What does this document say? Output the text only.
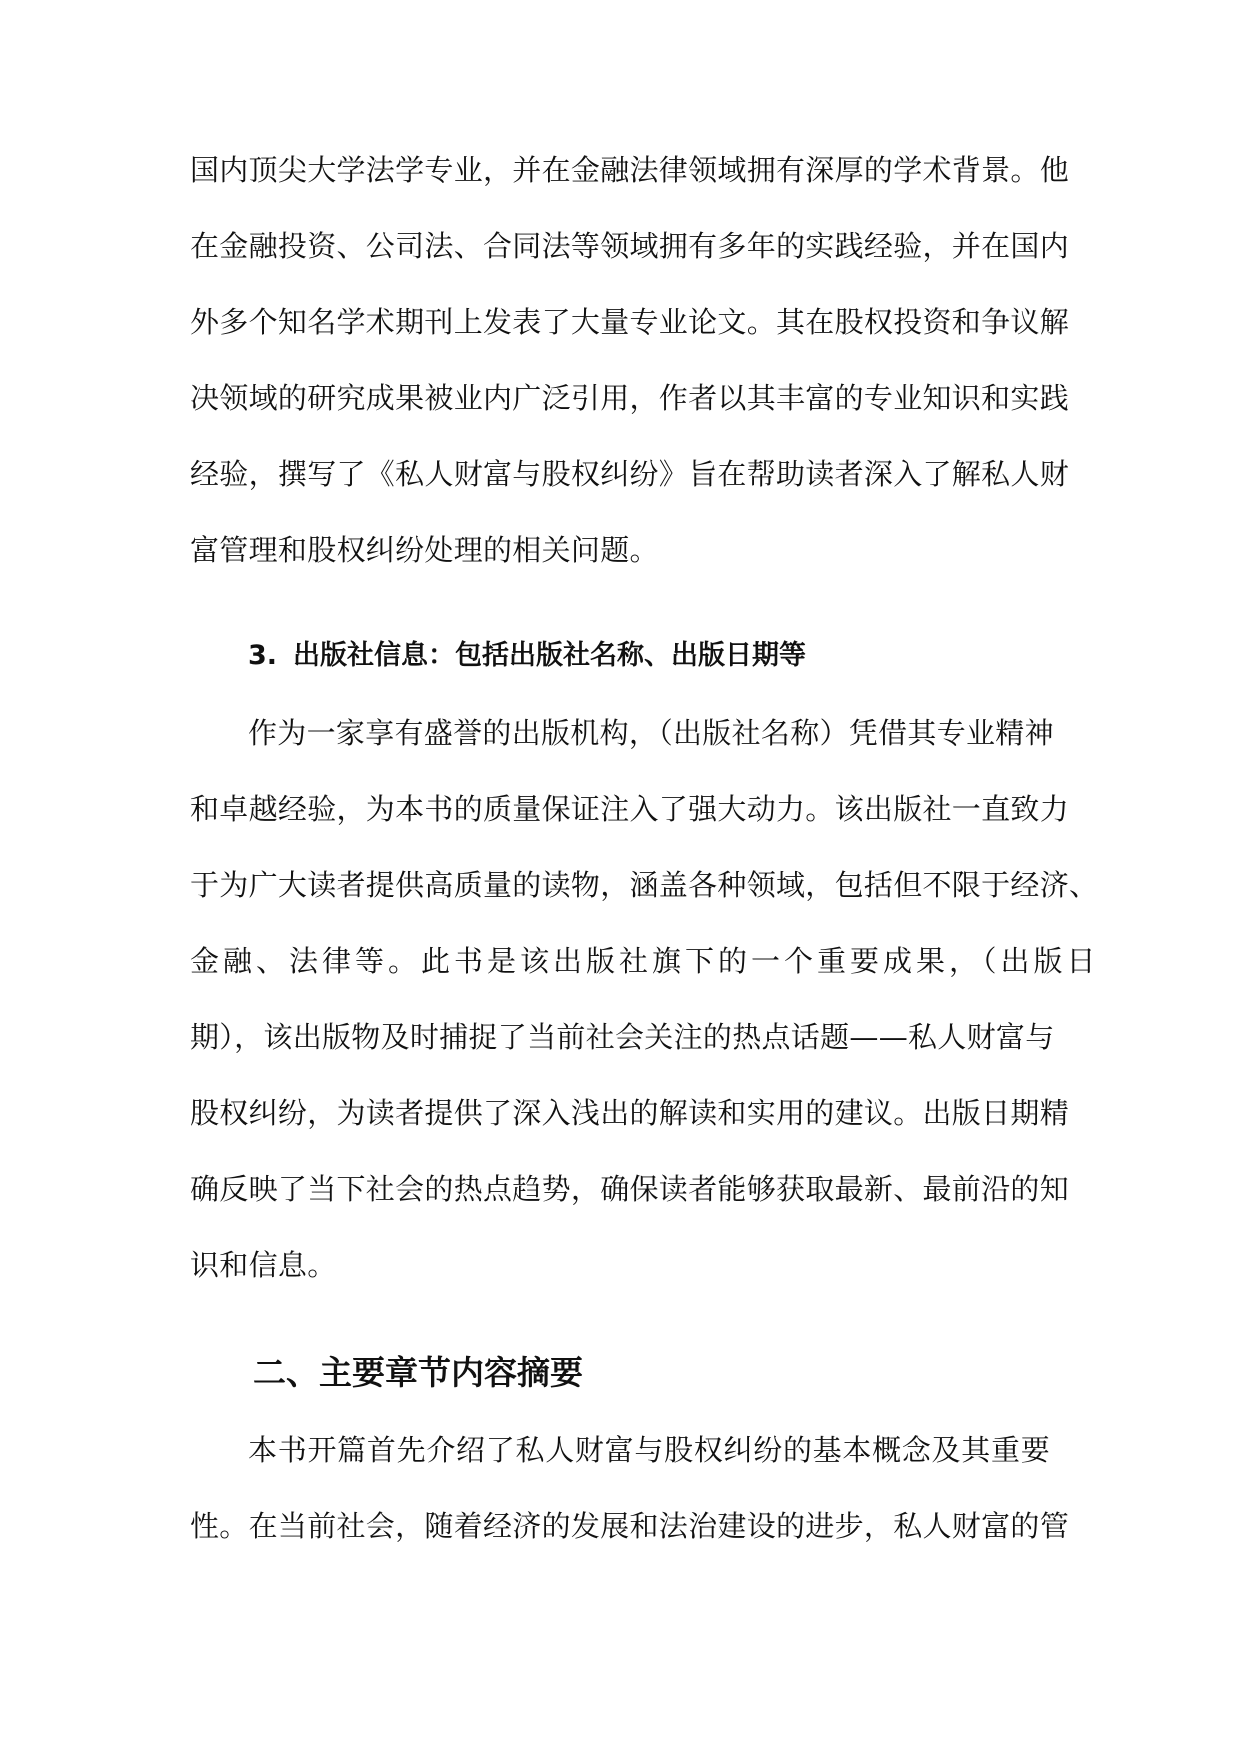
国内顶尖大学法学专业，并在金融法律领域拥有深厚的学术背景。他
在金融投资、公司法、合同法等领域拥有多年的实践经验，并在国内
外多个知名学术期刊上发表了大量专业论文。其在股权投资和争议解
决领域的研究成果被业内广泛引用，作者以其丰富的专业知识和实践
经验，撰写了《私人财富与股权纠纷》旨在帮助读者深入了解私人财
富管理和股权纠纷处理的相关问题。
3. 出版社信息：包括出版社名称、出版日期等
作为一家享有盛誉的出版机构，（出版社名称）凭借其专业精神
和卓越经验，为本书的质量保证注入了强大动力。该出版社一直致力
于为广大读者提供高质量的读物，涵盖各种领域，包括但不限于经济、
金融、法律等。此书是该出版社旗下的一个重要成果，（出版日
期），该出版物及时捕捉了当前社会关注的热点话题——私人财富与
股权纠纷，为读者提供了深入浅出的解读和实用的建议。出版日期精
确反映了当下社会的热点趋势，确保读者能够获取最新、最前沿的知
识和信息。
二、主要章节内容摘要
本书开篇首先介绍了私人财富与股权纠纷的基本概念及其重要
性。在当前社会，随着经济的发展和法治建设的进步，私人财富的管
